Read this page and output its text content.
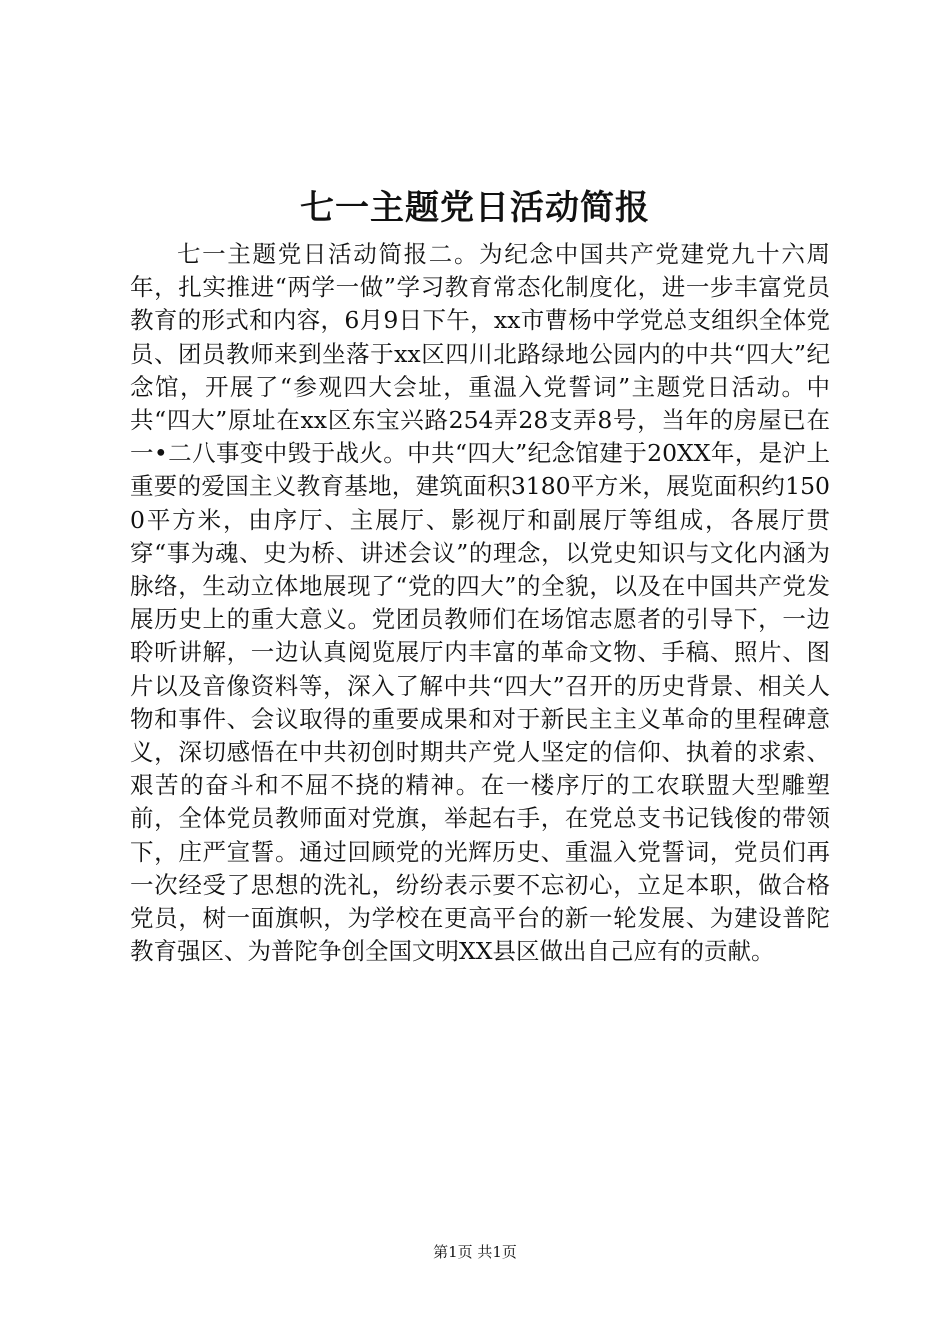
七一主题党日活动简报

七一主题党日活动简报二。为纪念中国共产党建党九十六周年，扎实推进“两学一做”学习教育常态化制度化，进一步丰富党员教育的形式和内容，6月9日下午，xx市曹杨中学党总支组织全体党员、团员教师来到坐落于xx区四川北路绿地公园内的中共“四大”纪念馆，开展了“参观四大会址，重温入党誓词”主题党日活动。中共“四大”原址在xx区东宝兴路254弄28支弄8号，当年的房屋已在一•二八事变中毁于战火。中共“四大”纪念馆建于20XX年，是沪上重要的爱国主义教育基地，建筑面积3180平方米，展览面积约1500平方米，由序厅、主展厅、影视厅和副展厅等组成，各展厅贯穿“事为魂、史为桥、讲述会议”的理念，以党史知识与文化内涵为脉络，生动立体地展现了“党的四大”的全貌，以及在中国共产党发展历史上的重大意义。党团员教师们在场馆志愿者的引导下，一边聆听讲解，一边认真阅览展厅内丰富的革命文物、手稿、照片、图片以及音像资料等，深入了解中共“四大”召开的历史背景、相关人物和事件、会议取得的重要成果和对于新民主主义革命的里程碑意义，深切感悟在中共初创时期共产党人坚定的信仰、执着的求索、艰苦的奋斗和不屈不挠的精神。在一楼序厅的工农联盟大型雕塑前，全体党员教师面对党旗，举起右手，在党总支书记钱俊的带领下，庄严宣誓。通过回顾党的光辉历史、重温入党誓词，党员们再一次经受了思想的洗礼，纷纷表示要不忘初心，立足本职，做合格党员，树一面旗帜，为学校在更高平台的新一轮发展、为建设普陀教育强区、为普陀争创全国文明XX县区做出自己应有的贡献。

第1页 共1页
